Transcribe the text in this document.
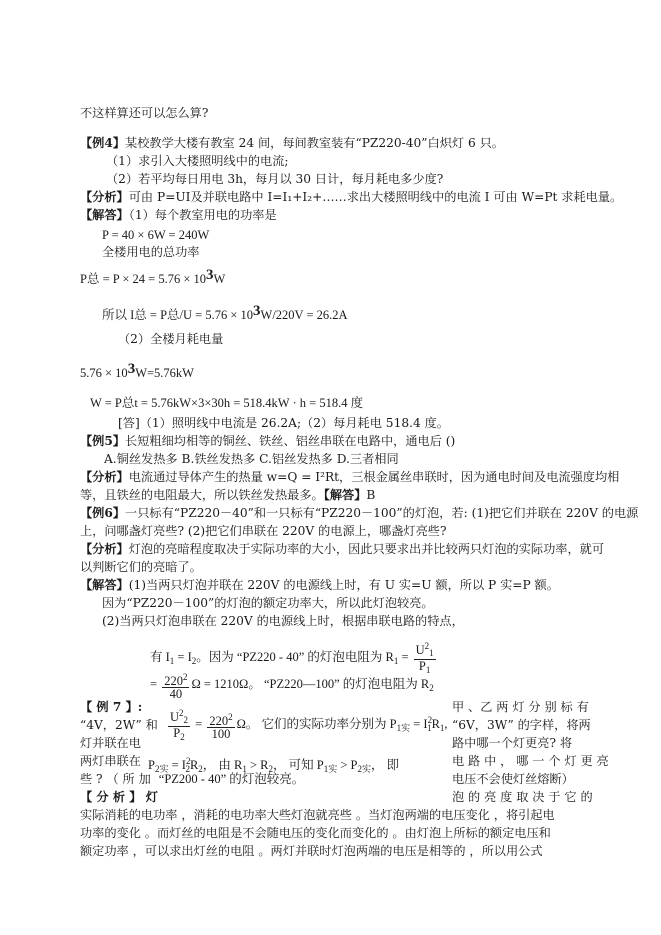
不这样算还可以怎么算?
【例4】某校教学大楼有教室 24 间，每间教室装有“PZ220-40”白炽灯 6 只。
（1）求引入大楼照明线中的电流;
（2）若平均每日用电 3h，每月以 30 日计，每月耗电多少度?
【分析】可由 P=UI及并联电路中 I=I₁+I₂+……求出大楼照明线中的电流 I 可由 W=Pt 求耗电量。
【解答】（1）每个教室用电的功率是
P = 40 × 6W = 240W
全楼用电的总功率
P总 = P × 24 = 5.76 × 103W
所以 I总 = P总/U = 5.76 × 103W/220V = 26.2A
（2）全楼月耗电量
5.76 × 103W=5.76kW
W = P总t = 5.76kW×3×30h = 518.4kW · h = 518.4 度
[答]（1）照明线中电流是 26.2A;（2）每月耗电 518.4 度。
【例5】长短粗细均相等的铜丝、铁丝、铝丝串联在电路中，通电后 ()
A.铜丝发热多 B.铁丝发热多 C.铝丝发热多 D.三者相同
【分析】电流通过导体产生的热量 w=Q = I²Rt，三根金属丝串联时，因为通电时间及电流强度均相
等，且铁丝的电阻最大，所以铁丝发热最多。【解答】B
【例6】一只标有“PZ220－40”和一只标有“PZ220－100”的灯泡，若: (1)把它们并联在 220V 的电源
上，问哪盏灯亮些? (2)把它们串联在 220V 的电源上，哪盏灯亮些?
【分析】灯泡的亮暗程度取决于实际功率的大小，因此只要求出并比较两只灯泡的实际功率，就可
以判断它们的亮暗了。
【解答】(1)当两只灯泡并联在 220V 的电源线上时，有 U 实=U 额，所以 P 实=P 额。
因为“PZ220－100”的灯泡的额定功率大，所以此灯泡较亮。
(2)当两只灯泡串联在 220V 的电源线上时，根据串联电路的特点，
有 $I_1 = I_2$。因为 “PZ220 - 40” 的灯泡电阻为 $R_1 = \frac{U^2_1}{P_1}$
= $\frac{220^2}{40}$ Ω = 1210Ω。 “PZ220—100” 的灯泡电阻为 $R_2$
【 例 7 】:	甲 、乙 两 灯 分 别 标 有
“4V，2W” 和 $\frac{U^2_2}{P_2} = \frac{220^2}{100}$ Ω。 它们的实际功率分别为 $P_{1实} = I^2_1R_1$, “6V，3W” 的字样，将两
灯并联在电	路中哪一个灯更亮? 将
两灯串联在 $P_{2实} = I^2_2R_2$， 由 $R_1 > R_2$， 可知 $P_{1实} > P_{2实}$， 即	电 路 中 ， 哪 一 个 灯 更 亮
些 ? （ 所 加 “PZ200 - 40” 的灯泡较亮。	电压不会使灯丝熔断）
【 分 析 】 灯	泡 的 亮 度 取 决 于 它 的
实际消耗的电功率 ，消耗的电功率大些灯泡就亮些 。当灯泡两端的电压变化 ，将引起电
功率的变化 。而灯丝的电阻是不会随电压的变化而变化的 。由灯泡上所标的额定电压和
额定功率 ，可以求出灯丝的电阻 。两灯并联时灯泡两端的电压是相等的 ，所以用公式
